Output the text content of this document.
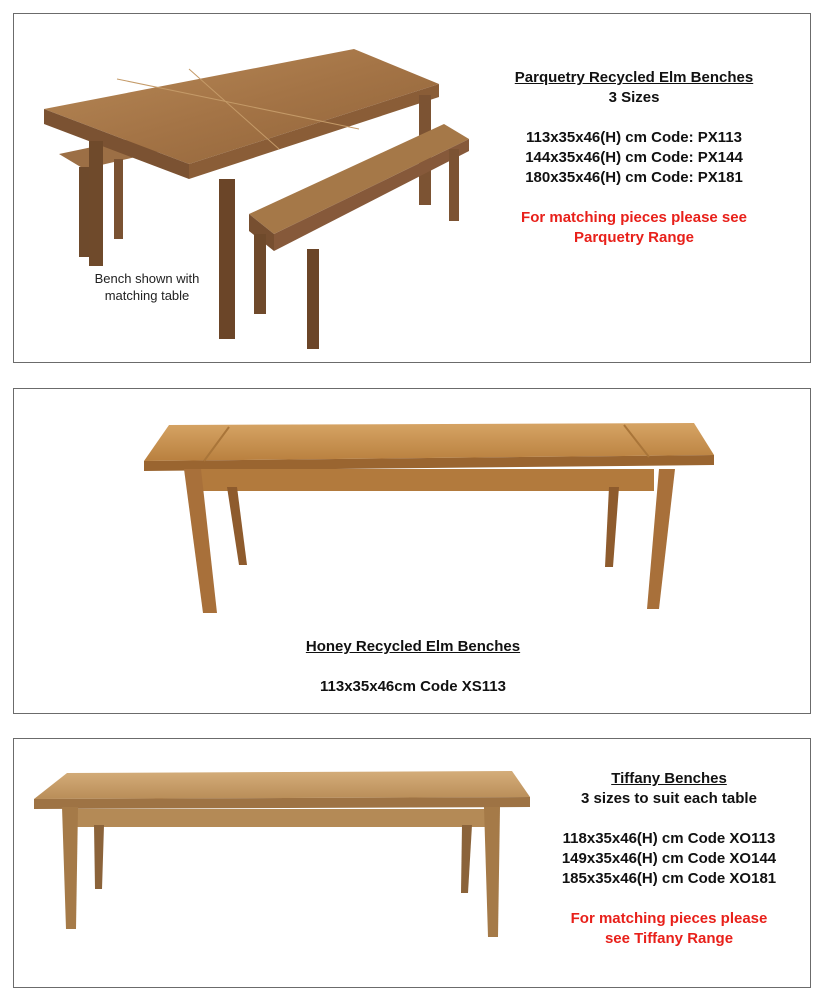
Bench shown with
matching table
Parquetry Recycled Elm Benches
3 Sizes
113x35x46(H) cm Code: PX113
144x35x46(H) cm Code: PX144
180x35x46(H) cm Code: PX181
For matching pieces please see
Parquetry Range
Honey Recycled Elm Benches
113x35x46cm Code XS113
Tiffany Benches
3 sizes to suit each table
118x35x46(H) cm Code XO113
149x35x46(H) cm Code XO144
185x35x46(H) cm Code XO181
For matching pieces please
see Tiffany Range
